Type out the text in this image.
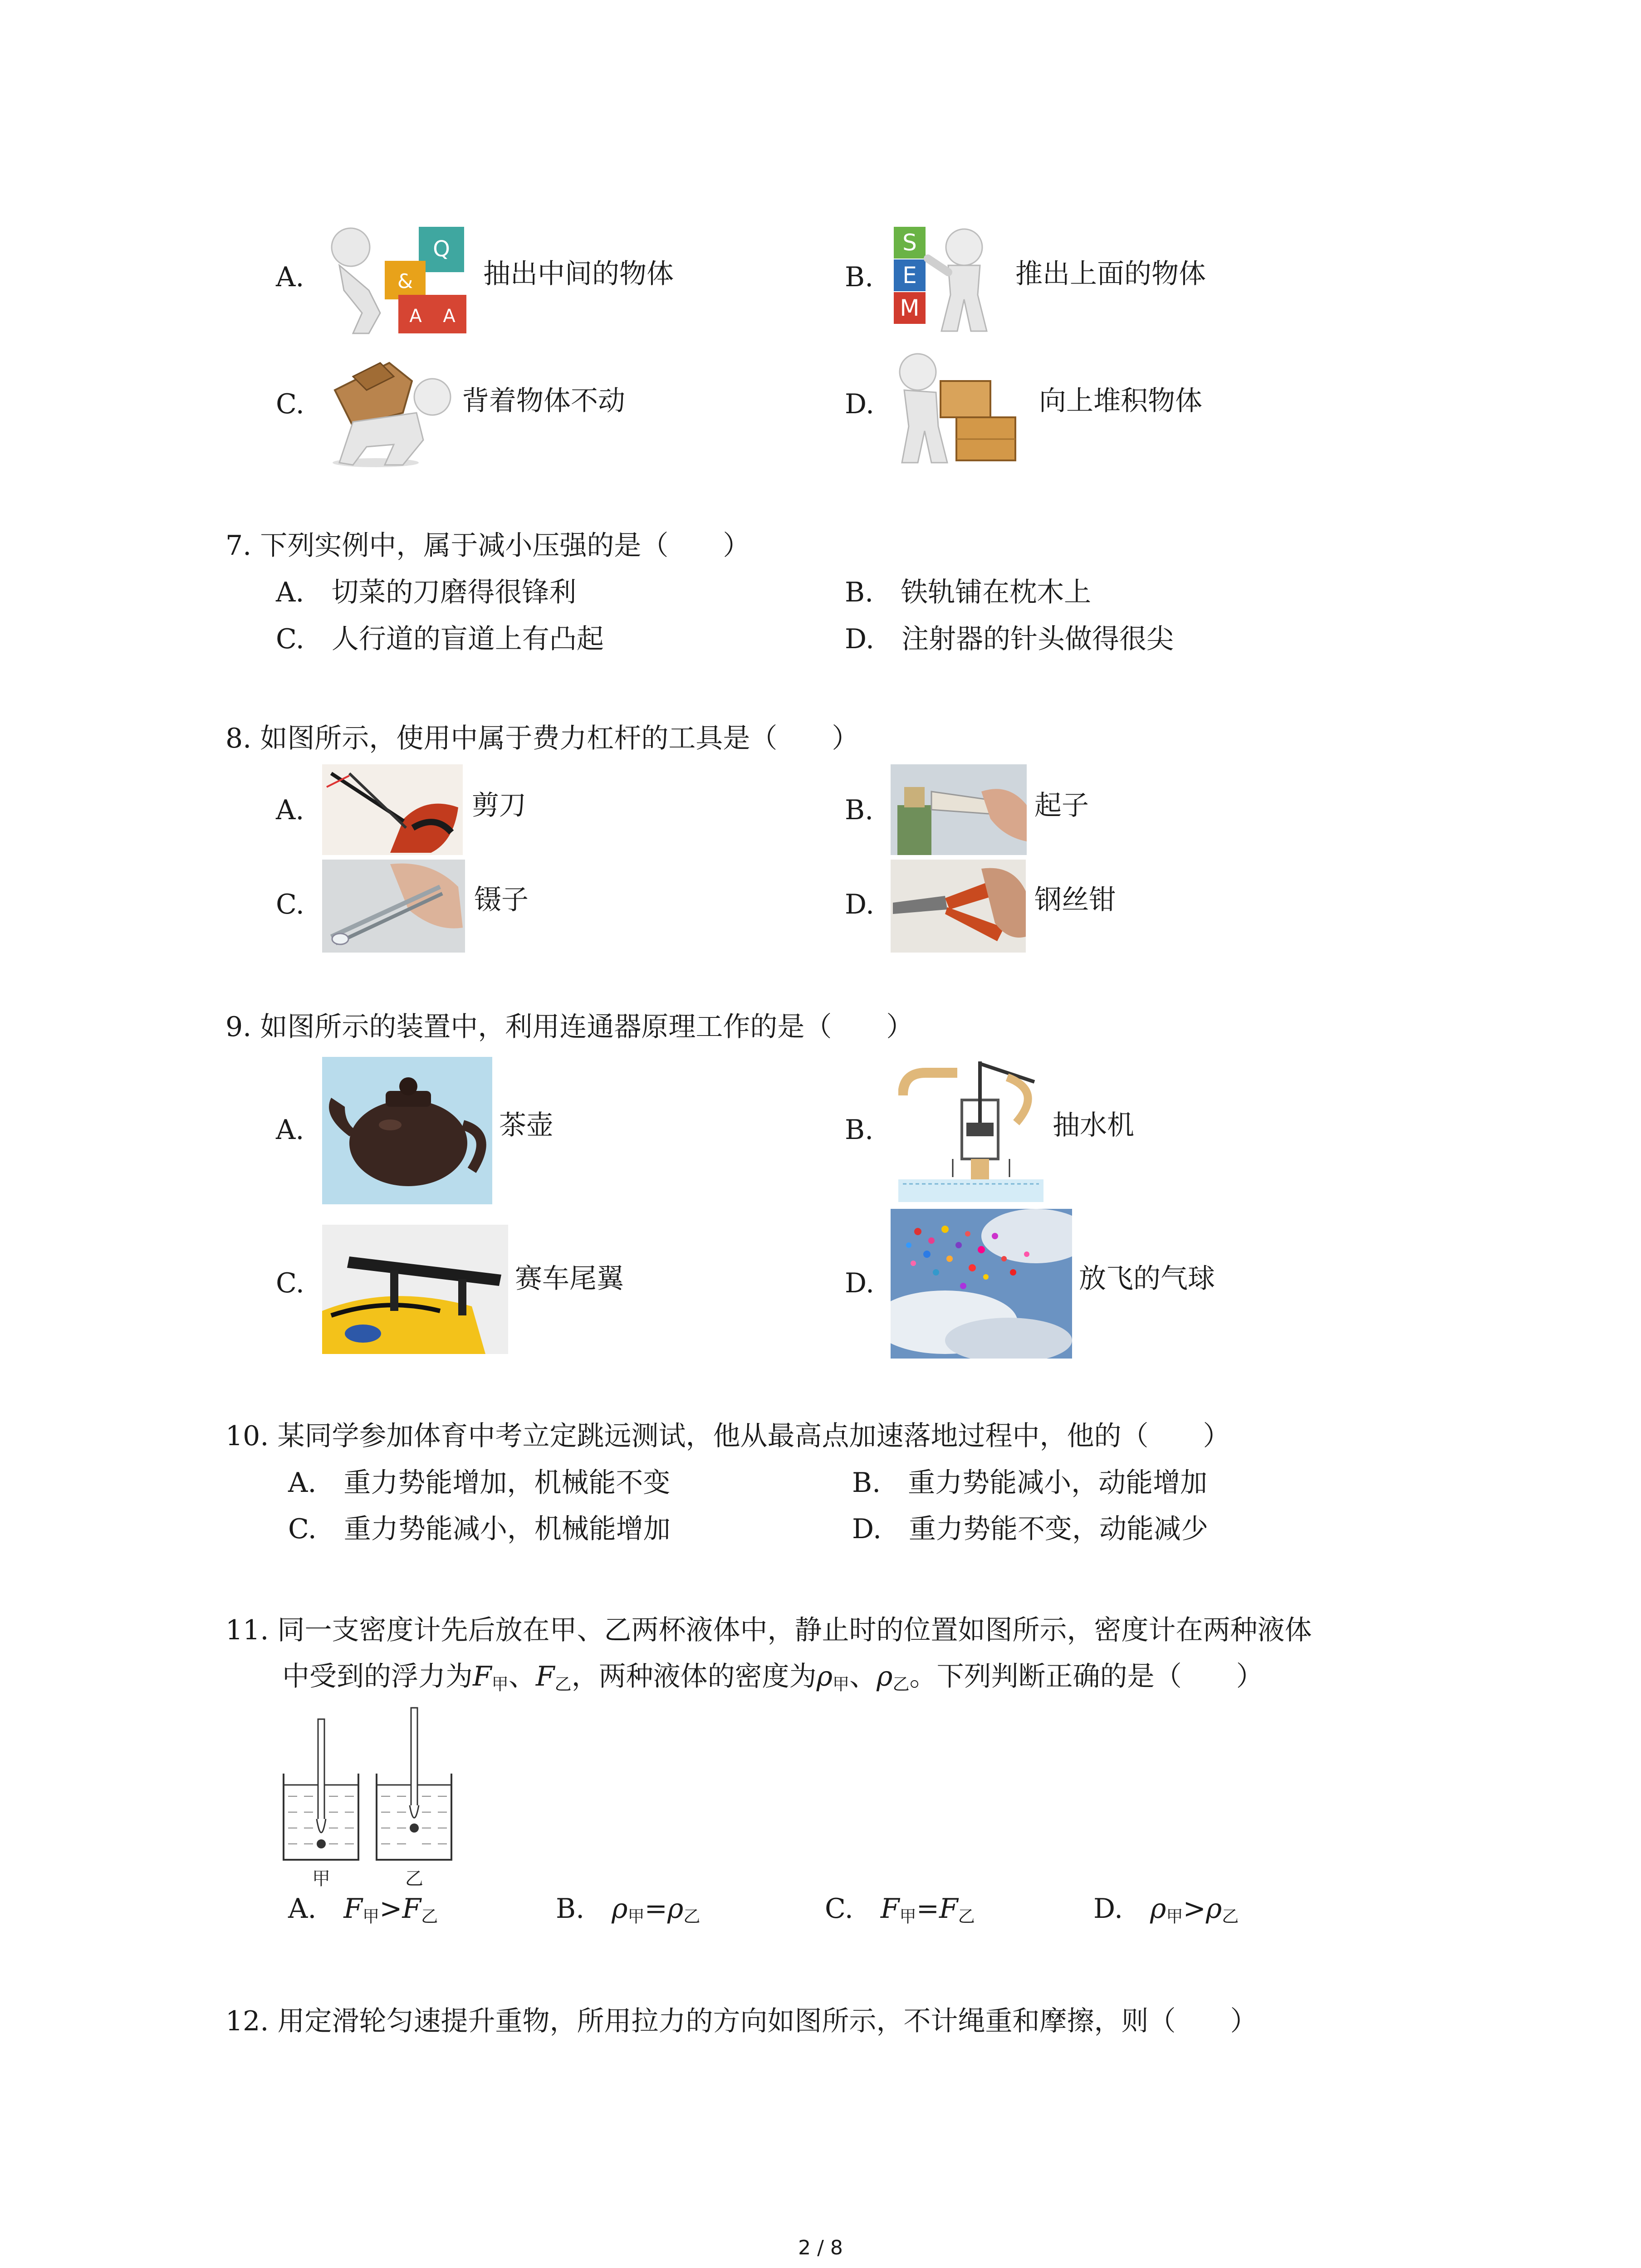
A.
Q
&
A A
抽出中间的物体	B.
S
E
M
推出上面的物体
C.	背着物体不动	D.	向上堆积物体
7. 下列实例中，属于减小压强的是（　　）
A.　 切菜的刀磨得很锋利	B.　 铁轨铺在枕木上
C.　 人行道的盲道上有凸起	D.　 注射器的针头做得很尖
8. 如图所示，使用中属于费力杠杆的工具是（　　）
A.	剪刀	B.	起子
C.	镊子	D.	钢丝钳
9. 如图所示的装置中，利用连通器原理工作的是（　　）
A.	茶壶	B.	抽水机
C.	赛车尾翼	D.	放飞的气球
10. 某同学参加体育中考立定跳远测试，他从最高点加速落地过程中，他的（　　）
A.　 重力势能增加，机械能不变	B.　 重力势能减小，动能增加
C.　 重力势能减小，机械能增加	D.　 重力势能不变，动能减少
11. 同一支密度计先后放在甲、乙两杯液体中，静止时的位置如图所示，密度计在两种液体
中受到的浮力为$F_甲$、$F_乙$，两种液体的密度为$\rho_甲$、$\rho_乙$。下列判断正确的是（　　）
甲	乙
A.　 $F_甲>F_乙$	B.　 $\rho_甲=\rho_乙$	C.　 $F_甲=F_乙$	D.　 $\rho_甲>\rho_乙$
12. 用定滑轮匀速提升重物，所用拉力的方向如图所示，不计绳重和摩擦，则（　　）
2 / 8
